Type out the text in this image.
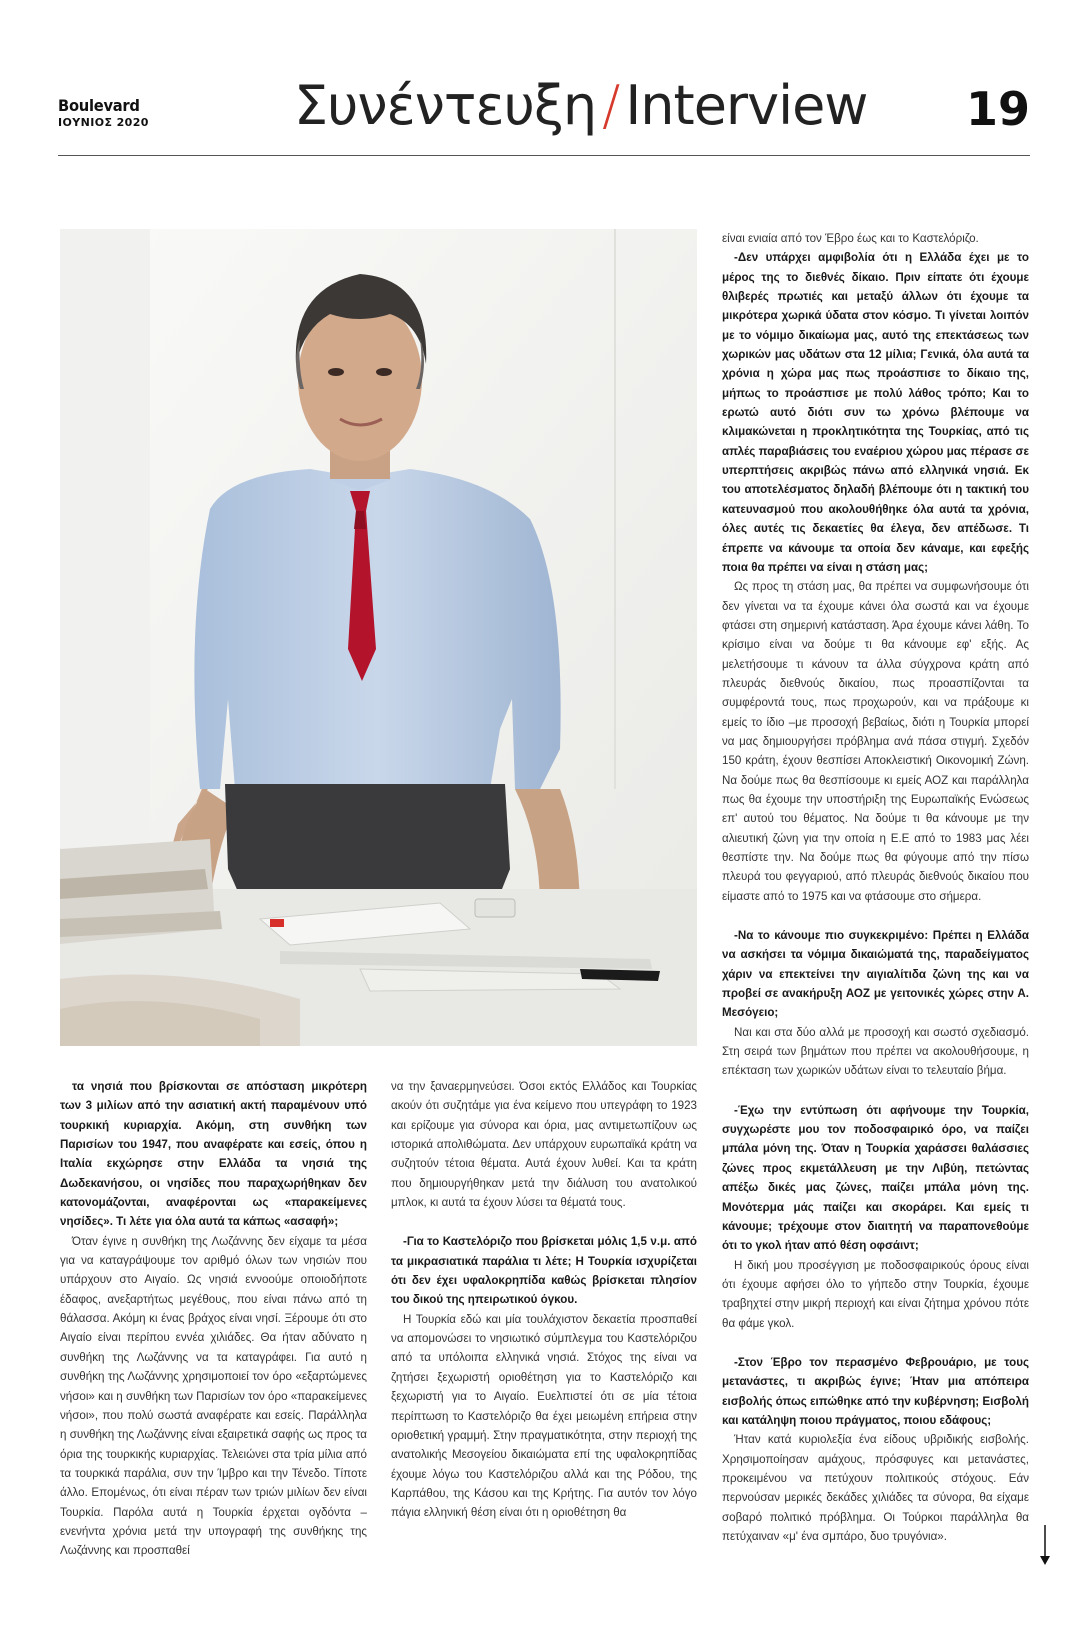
Boulevard
ΙΟΥΝΙΟΣ 2020	Συνέντευξη / Interview 19

τα νησιά που βρίσκονται σε απόσταση μικρότερη των 3 μιλίων από την ασιατική ακτή παραμένουν υπό τουρκική κυριαρχία. Ακόμη, στη συνθήκη των Παρισίων του 1947, που αναφέρατε και εσείς, όπου η Ιταλία εκχώρησε στην Ελλάδα τα νησιά της Δωδεκανήσου, οι νησίδες που παραχωρήθηκαν δεν κατονομάζονται, αναφέρονται ως «παρακείμενες νησίδες». Τι λέτε για όλα αυτά τα κάπως «ασαφή»;

Όταν έγινε η συνθήκη της Λωζάννης δεν είχαμε τα μέσα για να καταγράψουμε τον αριθμό όλων των νησιών που υπάρχουν στο Αιγαίο. Ως νησιά εννοούμε οποιοδήποτε έδαφος, ανεξαρτήτως μεγέθους, που είναι πάνω από τη θάλασσα. Ακόμη κι ένας βράχος είναι νησί. Ξέρουμε ότι στο Αιγαίο είναι περίπου εννέα χιλιάδες. Θα ήταν αδύνατο η συνθήκη της Λωζάννης να τα καταγράφει. Για αυτό η συνθήκη της Λωζάννης χρησιμοποιεί τον όρο «εξαρτώμενες νήσοι» και η συνθήκη των Παρισίων τον όρο «παρακείμενες νήσοι», που πολύ σωστά αναφέρατε και εσείς. Παράλληλα η συνθήκη της Λωζάννης είναι εξαιρετικά σαφής ως προς τα όρια της τουρκικής κυριαρχίας. Τελειώνει στα τρία μίλια από τα τουρκικά παράλια, συν την Ίμβρο και την Τένεδο. Τίποτε άλλο. Επομένως, ότι είναι πέραν των τριών μιλίων δεν είναι Τουρκία. Παρόλα αυτά η Τουρκία έρχεται ογδόντα – ενενήντα χρόνια μετά την υπογραφή της συνθήκης της Λωζάννης και προσπαθεί

να την ξαναερμηνεύσει. Όσοι εκτός Ελλάδος και Τουρκίας ακούν ότι συζητάμε για ένα κείμενο που υπεγράφη το 1923 και ερίζουμε για σύνορα και όρια, μας αντιμετωπίζουν ως ιστορικά απολιθώματα. Δεν υπάρχουν ευρωπαϊκά κράτη να συζητούν τέτοια θέματα. Αυτά έχουν λυθεί. Και τα κράτη που δημιουργήθηκαν μετά την διάλυση του ανατολικού μπλοκ, κι αυτά τα έχουν λύσει τα θέματά τους.

-Για το Καστελόριζο που βρίσκεται μόλις 1,5 ν.μ. από τα μικρασιατικά παράλια τι λέτε; Η Τουρκία ισχυρίζεται ότι δεν έχει υφαλοκρηπίδα καθώς βρίσκεται πλησίον του δικού της ηπειρωτικού όγκου.

Η Τουρκία εδώ και μία τουλάχιστον δεκαετία προσπαθεί να απομονώσει το νησιωτικό σύμπλεγμα του Καστελόριζου από τα υπόλοιπα ελληνικά νησιά. Στόχος της είναι να ζητήσει ξεχωριστή οριοθέτηση για το Καστελόριζο και ξεχωριστή για το Αιγαίο. Ευελπιστεί ότι σε μία τέτοια περίπτωση το Καστελόριζο θα έχει μειωμένη επήρεια στην οριοθετική γραμμή. Στην πραγματικότητα, στην περιοχή της ανατολικής Μεσογείου δικαιώματα επί της υφαλοκρηπίδας έχουμε λόγω του Καστελόριζου αλλά και της Ρόδου, της Καρπάθου, της Κάσου και της Κρήτης. Για αυτόν τον λόγο πάγια ελληνική θέση είναι ότι η οριοθέτηση θα

είναι ενιαία από τον Έβρο έως και το Καστελόριζο.

-Δεν υπάρχει αμφιβολία ότι η Ελλάδα έχει με το μέρος της το διεθνές δίκαιο. Πριν είπατε ότι έχουμε θλιβερές πρωτιές και μεταξύ άλλων ότι έχουμε τα μικρότερα χωρικά ύδατα στον κόσμο. Τι γίνεται λοιπόν με το νόμιμο δικαίωμα μας, αυτό της επεκτάσεως των χωρικών μας υδάτων στα 12 μίλια; Γενικά, όλα αυτά τα χρόνια η χώρα μας πως προάσπισε το δίκαιο της, μήπως το προάσπισε με πολύ λάθος τρόπο; Και το ερωτώ αυτό διότι συν τω χρόνω βλέπουμε να κλιμακώνεται η προκλητικότητα της Τουρκίας, από τις απλές παραβιάσεις του εναέριου χώρου μας πέρασε σε υπερπτήσεις ακριβώς πάνω από ελληνικά νησιά. Εκ του αποτελέσματος δηλαδή βλέπουμε ότι η τακτική του κατευνασμού που ακολουθήθηκε όλα αυτά τα χρόνια, όλες αυτές τις δεκαετίες θα έλεγα, δεν απέδωσε. Τι έπρεπε να κάνουμε τα οποία δεν κάναμε, και εφεξής ποια θα πρέπει να είναι η στάση μας;

Ως προς τη στάση μας, θα πρέπει να συμφωνήσουμε ότι δεν γίνεται να τα έχουμε κάνει όλα σωστά και να έχουμε φτάσει στη σημερινή κατάσταση. Άρα έχουμε κάνει λάθη. Το κρίσιμο είναι να δούμε τι θα κάνουμε εφ' εξής. Ας μελετήσουμε τι κάνουν τα άλλα σύγχρονα κράτη από πλευράς διεθνούς δικαίου, πως προασπίζονται τα συμφέροντά τους, πως προχωρούν, και να πράξουμε κι εμείς το ίδιο –με προσοχή βεβαίως, διότι η Τουρκία μπορεί να μας δημιουργήσει πρόβλημα ανά πάσα στιγμή. Σχεδόν 150 κράτη, έχουν θεσπίσει Αποκλειστική Οικονομική Ζώνη. Να δούμε πως θα θεσπίσουμε κι εμείς ΑΟΖ και παράλληλα πως θα έχουμε την υποστήριξη της Ευρωπαϊκής Ενώσεως επ' αυτού του θέματος. Να δούμε τι θα κάνουμε με την αλιευτική ζώνη για την οποία η Ε.Ε από το 1983 μας λέει θεσπίστε την. Να δούμε πως θα φύγουμε από την πίσω πλευρά του φεγγαριού, από πλευράς διεθνούς δικαίου που είμαστε από το 1975 και να φτάσουμε στο σήμερα.

-Να το κάνουμε πιο συγκεκριμένο: Πρέπει η Ελλάδα να ασκήσει τα νόμιμα δικαιώματά της, παραδείγματος χάριν να επεκτείνει την αιγιαλίτιδα ζώνη της και να προβεί σε ανακήρυξη ΑΟΖ με γειτονικές χώρες στην Α. Μεσόγειο;

Ναι και στα δύο αλλά με προσοχή και σωστό σχεδιασμό. Στη σειρά των βημάτων που πρέπει να ακολουθήσουμε, η επέκταση των χωρικών υδάτων είναι το τελευταίο βήμα.

-Έχω την εντύπωση ότι αφήνουμε την Τουρκία, συγχωρέστε μου τον ποδοσφαιρικό όρο, να παίζει μπάλα μόνη της. Όταν η Τουρκία χαράσσει θαλάσσιες ζώνες προς εκμετάλλευση με την Λιβύη, πετώντας απέξω δικές μας ζώνες, παίζει μπάλα μόνη της. Μονότερμα μάς παίζει και σκοράρει. Και εμείς τι κάνουμε; τρέχουμε στον διαιτητή να παραπονεθούμε ότι το γκολ ήταν από θέση οφσάιντ;

Η δική μου προσέγγιση με ποδοσφαιρικούς όρους είναι ότι έχουμε αφήσει όλο το γήπεδο στην Τουρκία, έχουμε τραβηχτεί στην μικρή περιοχή και είναι ζήτημα χρόνου πότε θα φάμε γκολ.

-Στον Έβρο τον περασμένο Φεβρουάριο, με τους μετανάστες, τι ακριβώς έγινε; Ήταν μια απόπειρα εισβολής όπως ειπώθηκε από την κυβέρνηση; Εισβολή και κατάληψη ποιου πράγματος, ποιου εδάφους;

Ήταν κατά κυριολεξία ένα είδους υβριδικής εισβολής. Χρησιμοποίησαν αμάχους, πρόσφυγες και μετανάστες, προκειμένου να πετύχουν πολιτικούς στόχους. Εάν περνούσαν μερικές δεκάδες χιλιάδες τα σύνορα, θα είχαμε σοβαρό πολιτικό πρόβλημα. Οι Τούρκοι παράλληλα θα πετύχαιναν «μ' ένα σμπάρο, δυο τρυγόνια».
